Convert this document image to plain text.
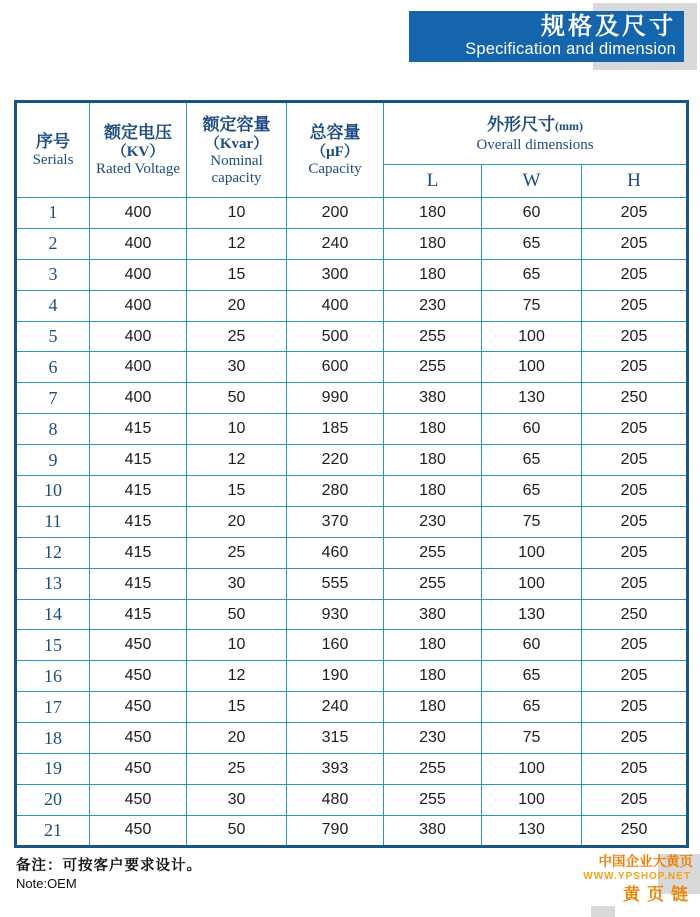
规格及尺寸
Specification and dimension
序号
Serials

额定电压
（KV）
Rated Voltage

额定容量
（Kvar）
Nominal capacity

总容量
（μF）
Capacity

外形尺寸(mm)
Overall dimensions

				L	W	H
1	400	10	200	180	60	205
2	400	12	240	180	65	205
3	400	15	300	180	65	205
4	400	20	400	230	75	205
5	400	25	500	255	100	205
6	400	30	600	255	100	205
7	400	50	990	380	130	250
8	415	10	185	180	60	205
9	415	12	220	180	65	205
10	415	15	280	180	65	205
11	415	20	370	230	75	205
12	415	25	460	255	100	205
13	415	30	555	255	100	205
14	415	50	930	380	130	250
15	450	10	160	180	60	205
16	450	12	190	180	65	205
17	450	15	240	180	65	205
18	450	20	315	230	75	205
19	450	25	393	255	100	205
20	450	30	480	255	100	205
21	450	50	790	380	130	250
备注：可按客户要求设计。
Note:OEM
中国企业大黄页
WWW.YPSHOP.NET
黄页链
